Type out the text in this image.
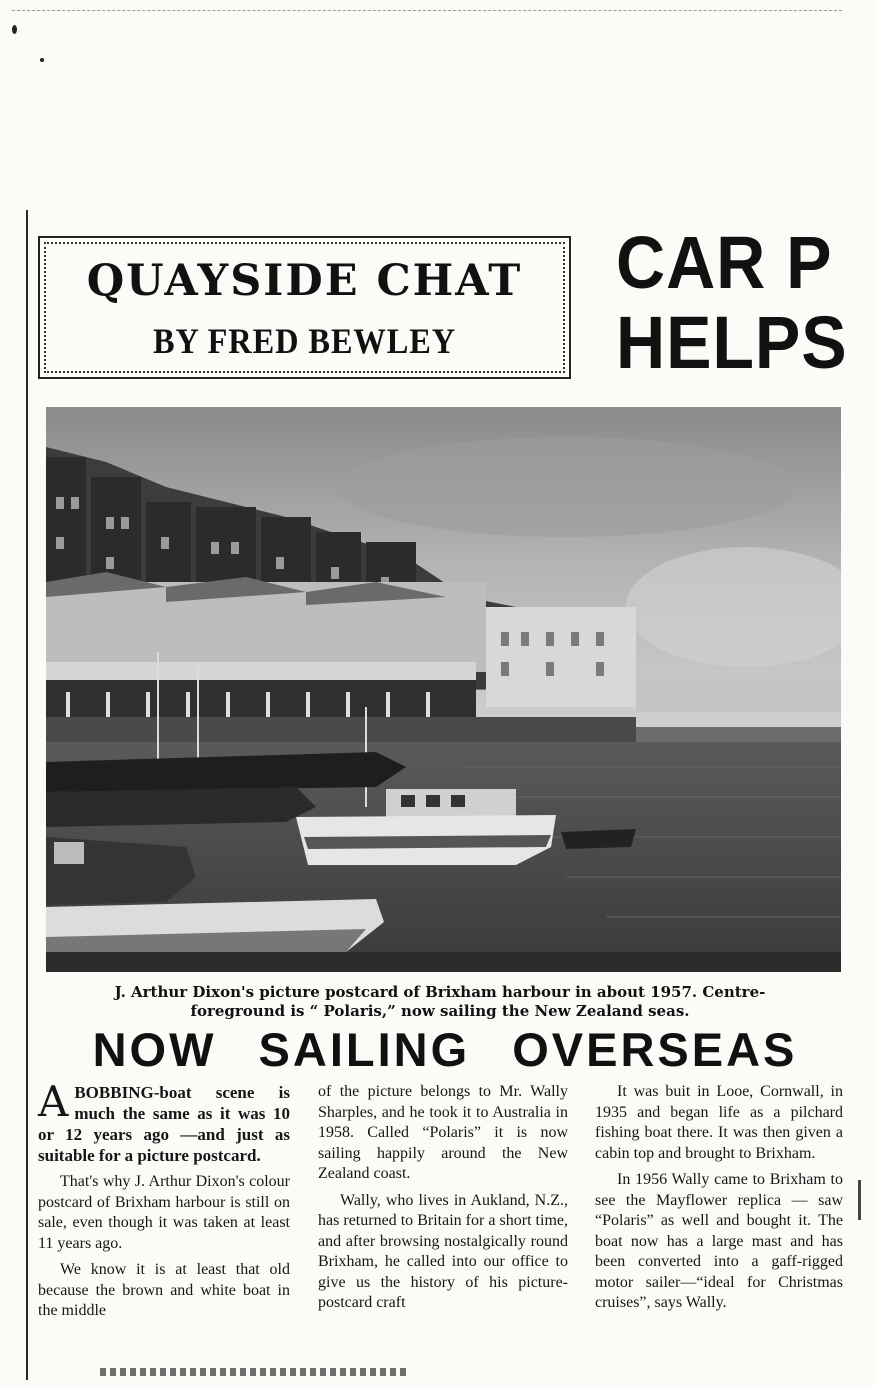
QUAYSIDE CHAT
BY FRED BEWLEY
CAR P
HELPS
J. Arthur Dixon's picture postcard of Brixham harbour in about 1957. Centre-
foreground is “ Polaris,” now sailing the New Zealand seas.
NOW SAILING OVERSEAS

ABOBBING-boat scene is much the same as it was 10 or 12 years ago —and just as suitable for a picture postcard.

That's why J. Arthur Dixon's colour postcard of Brixham harbour is still on sale, even though it was taken at least 11 years ago.

We know it is at least that old because the brown and white boat in the middle

of the picture belongs to Mr. Wally Sharples, and he took it to Australia in 1958. Called “Polaris” it is now sailing happily around the New Zealand coast.

Wally, who lives in Aukland, N.Z., has returned to Britain for a short time, and after browsing nostalgically round Brixham, he called into our office to give us the history of his picture-postcard craft

It was buit in Looe, Cornwall, in 1935 and began life as a pilchard fishing boat there. It was then given a cabin top and brought to Brixham.

In 1956 Wally came to Brixham to see the Mayflower replica — saw “Polaris” as well and bought it. The boat now has a large mast and has been converted into a gaff-rigged motor sailer—“ideal for Christmas cruises”, says Wally.
